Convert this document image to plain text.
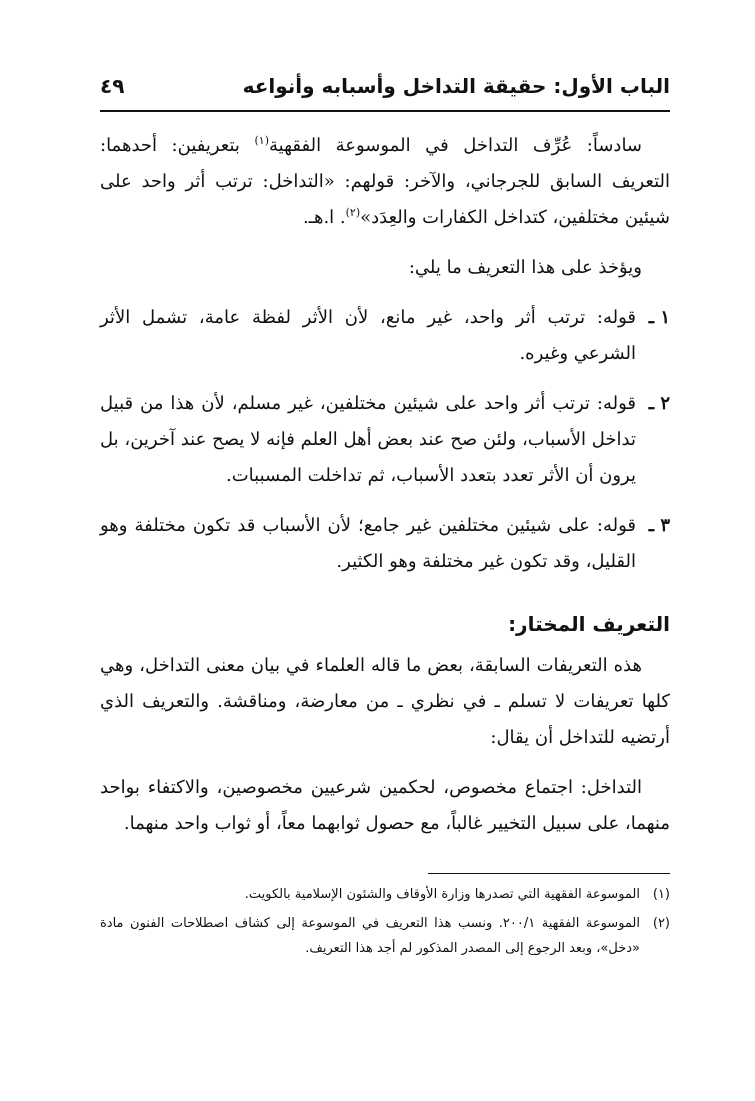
الباب الأول: حقيقة التداخل وأسبابه وأنواعه
٤٩

سادساً: عُرِّف التداخل في الموسوعة الفقهية$^{(١)}$ بتعريفين: أحدهما: التعريف السابق للجرجاني، والآخر: قولهم: «التداخل: ترتب أثر واحد على شيئين مختلفين، كتداخل الكفارات والعِدَد»$^{(٢)}$. ا.هـ.

ويؤخذ على هذا التعريف ما يلي:

١ ـ
قوله: ترتب أثر واحد، غير مانع، لأن الأثر لفظة عامة، تشمل الأثر الشرعي وغيره.
٢ ـ
قوله: ترتب أثر واحد على شيئين مختلفين، غير مسلم، لأن هذا من قبيل تداخل الأسباب، ولئن صح عند بعض أهل العلم فإنه لا يصح عند آخرين، بل يرون أن الأثر تعدد بتعدد الأسباب، ثم تداخلت المسببات.
٣ ـ
قوله: على شيئين مختلفين غير جامع؛ لأن الأسباب قد تكون مختلفة وهو القليل، وقد تكون غير مختلفة وهو الكثير.
التعريف المختار:

هذه التعريفات السابقة، بعض ما قاله العلماء في بيان معنى التداخل، وهي كلها تعريفات لا تسلم ـ في نظري ـ من معارضة، ومناقشة. والتعريف الذي أرتضيه للتداخل أن يقال:

التداخل: اجتماع مخصوص، لحكمين شرعيين مخصوصين، والاكتفاء بواحد منهما، على سبيل التخيير غالباً، مع حصول ثوابهما معاً، أو ثواب واحد منهما.

(١)
الموسوعة الفقهية التي تصدرها وزارة الأوقاف والشئون الإسلامية بالكويت.
(٢)
الموسوعة الفقهية ٢٠٠/١. ونسب هذا التعريف في الموسوعة إلى كشاف اصطلاحات الفنون مادة «دخل»، وبعد الرجوع إلى المصدر المذكور لم أجد هذا التعريف.
